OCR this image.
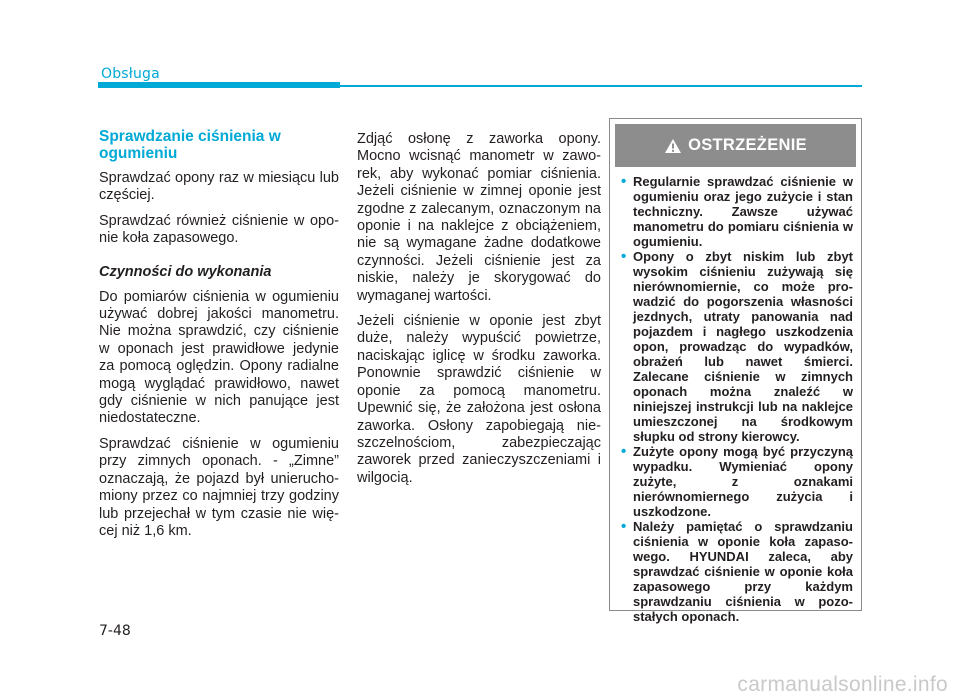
Obsługa
Sprawdzanie ciśnienia w ogumieniu

Sprawdzać opony raz w miesiącu lub częściej.

Sprawdzać również ciśnienie w oponie koła zapasowego.

Czynności do wykonania

Do pomiarów ciśnienia w ogumieniu używać dobrej jakości manometru. Nie można sprawdzić, czy ciśnienie w oponach jest prawidłowe jedynie za pomocą oględzin. Opony radialne mogą wyglądać prawidłowo, nawet gdy ciśnienie w nich panujące jest niedostateczne.

Sprawdzać ciśnienie w ogumieniu przy zimnych oponach. - „Zimne” oznaczają, że pojazd był unieruchomiony przez co najmniej trzy godziny lub przejechał w tym czasie nie więcej niż 1,6 km.

Zdjąć osłonę z zaworka opony. Mocno wcisnąć manometr w zaworek, aby wykonać pomiar ciśnienia. Jeżeli ciśnienie w zimnej oponie jest zgodne z zalecanym, oznaczonym na oponie i na naklejce z obciążeniem, nie są wymagane żadne dodatkowe czynności. Jeżeli ciśnienie jest za niskie, należy je skorygować do wymaganej wartości.

Jeżeli ciśnienie w oponie jest zbyt duże, należy wypuścić powietrze, naciskając iglicę w środku zaworka. Ponownie sprawdzić ciśnienie w oponie za pomocą manometru. Upewnić się, że założona jest osłona zaworka. Osłony zapobiegają nieszczelnościom, zabezpieczając zaworek przed zanieczyszczeniami i wilgocią.

OSTRZEŻENIE
• Regularnie sprawdzać ciśnienie w ogumieniu oraz jego zużycie i stan techniczny. Zawsze używać manometru do pomiaru ciśnienia w ogumieniu.
• Opony o zbyt niskim lub zbyt wysokim ciśnieniu zużywają się nierównomiernie, co może prowadzić do pogorszenia własności jezdnych, utraty panowania nad pojazdem i nagłego uszkodzenia opon, prowadząc do wypadków, obrażeń lub nawet śmierci. Zalecane ciśnienie w zimnych oponach można znaleźć w niniejszej instrukcji lub na naklejce umieszczonej na środkowym słupku od strony kierowcy.
• Zużyte opony mogą być przyczyną wypadku. Wymieniać opony zużyte, z oznakami nierównomiernego zużycia i uszkodzone.
• Należy pamiętać o sprawdzaniu ciśnienia w oponie koła zapasowego. HYUNDAI zaleca, aby sprawdzać ciśnienie w oponie koła zapasowego przy każdym sprawdzaniu ciśnienia w pozostałych oponach.
7-48
carmanualsonline.info
